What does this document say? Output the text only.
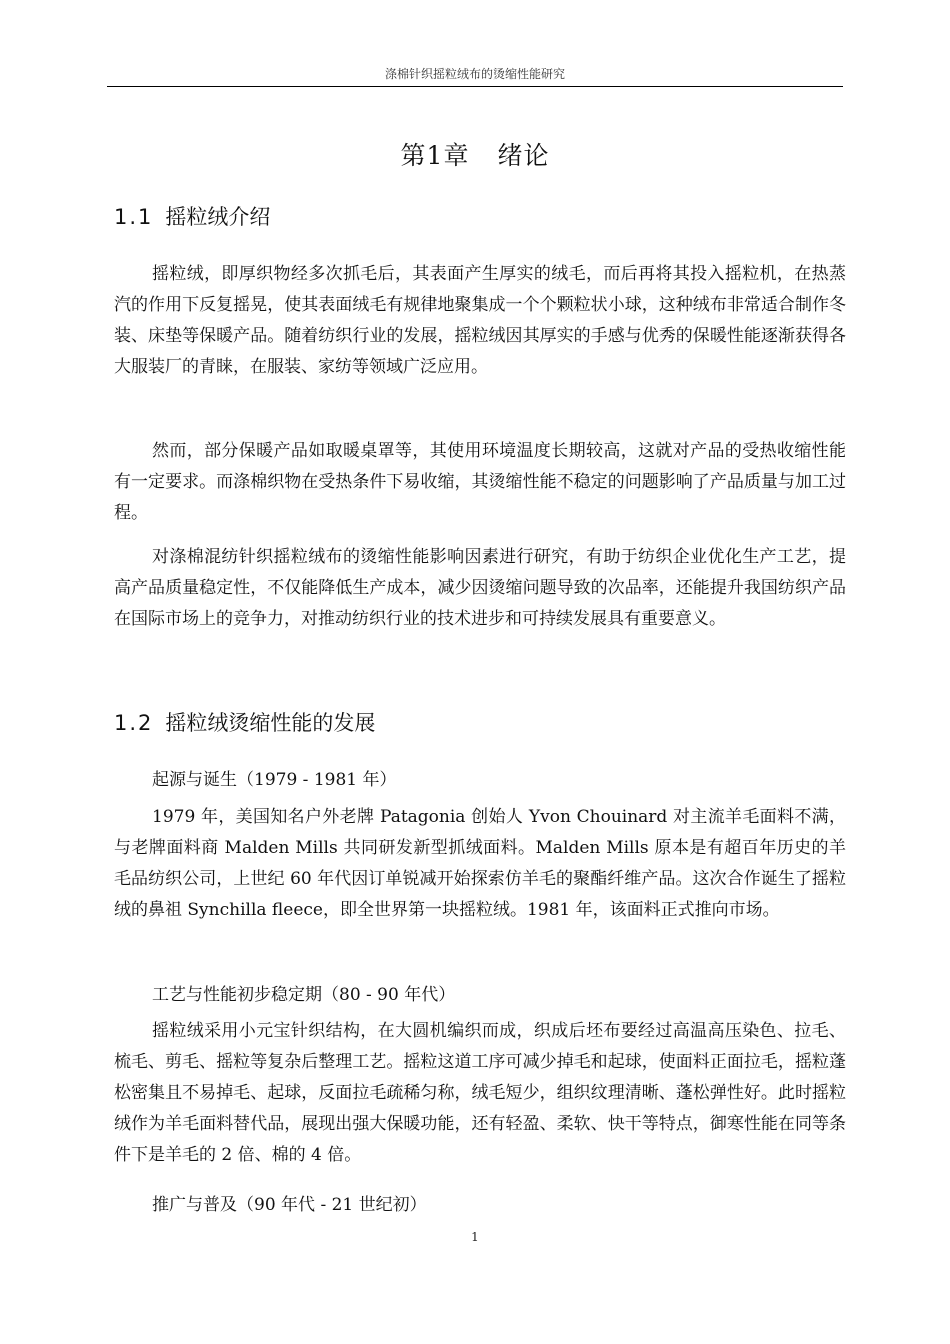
涤棉针织摇粒绒布的烫缩性能研究
第1章 绪论
1.1 摇粒绒介绍

摇粒绒，即厚织物经多次抓毛后，其表面产生厚实的绒毛，而后再将其投入摇粒机，在热蒸汽的作用下反复摇晃，使其表面绒毛有规律地聚集成一个个颗粒状小球，这种绒布非常适合制作冬装、床垫等保暖产品。随着纺织行业的发展，摇粒绒因其厚实的手感与优秀的保暖性能逐渐获得各大服装厂的青睐，在服装、家纺等领域广泛应用。

然而，部分保暖产品如取暖桌罩等，其使用环境温度长期较高，这就对产品的受热收缩性能有一定要求。而涤棉织物在受热条件下易收缩，其烫缩性能不稳定的问题影响了产品质量与加工过程。

对涤棉混纺针织摇粒绒布的烫缩性能影响因素进行研究，有助于纺织企业优化生产工艺，提高产品质量稳定性，不仅能降低生产成本，减少因烫缩问题导致的次品率，还能提升我国纺织产品在国际市场上的竞争力，对推动纺织行业的技术进步和可持续发展具有重要意义。

1.2 摇粒绒烫缩性能的发展

起源与诞生（1979 - 1981 年）

1979 年，美国知名户外老牌 Patagonia 创始人 Yvon Chouinard 对主流羊毛面料不满，与老牌面料商 Malden Mills 共同研发新型抓绒面料。Malden Mills 原本是有超百年历史的羊毛品纺织公司，上世纪 60 年代因订单锐减开始探索仿羊毛的聚酯纤维产品。这次合作诞生了摇粒绒的鼻祖 Synchilla fleece，即全世界第一块摇粒绒。1981 年，该面料正式推向市场。

工艺与性能初步稳定期（80 - 90 年代）

摇粒绒采用小元宝针织结构，在大圆机编织而成，织成后坯布要经过高温高压染色、拉毛、梳毛、剪毛、摇粒等复杂后整理工艺。摇粒这道工序可减少掉毛和起球，使面料正面拉毛，摇粒蓬松密集且不易掉毛、起球，反面拉毛疏稀匀称，绒毛短少，组织纹理清晰、蓬松弹性好。此时摇粒绒作为羊毛面料替代品，展现出强大保暖功能，还有轻盈、柔软、快干等特点，御寒性能在同等条件下是羊毛的 2 倍、棉的 4 倍。

推广与普及（90 年代 - 21 世纪初）

1
